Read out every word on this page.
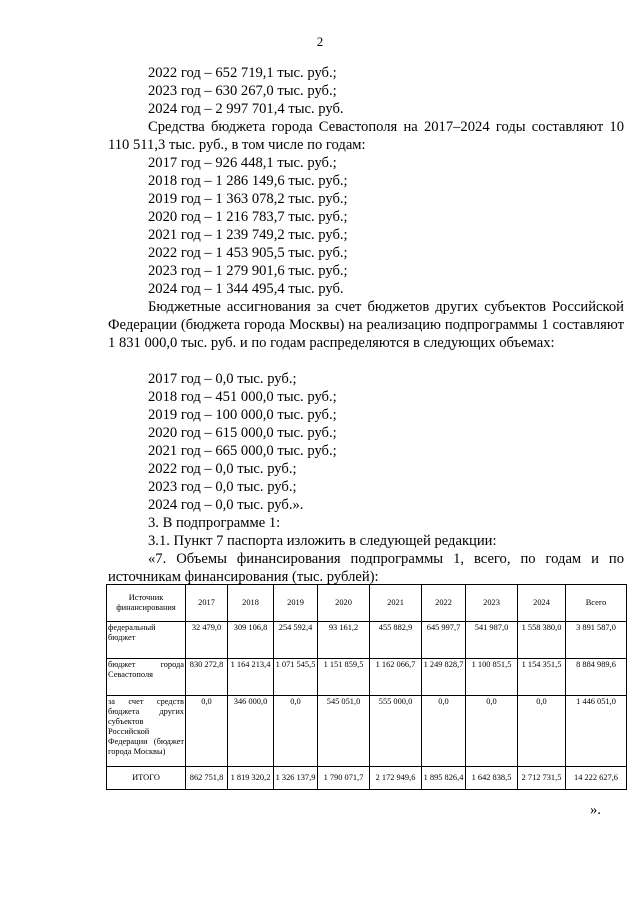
2
2022 год – 652 719,1 тыс. руб.;
2023 год – 630 267,0 тыс. руб.;
2024 год – 2 997 701,4 тыс. руб.
Средства бюджета города Севастополя на 2017–2024 годы составляют 10 110 511,3 тыс. руб., в том числе по годам:
2017 год – 926 448,1 тыс. руб.;
2018 год – 1 286 149,6 тыс. руб.;
2019 год – 1 363 078,2 тыс. руб.;
2020 год – 1 216 783,7 тыс. руб.;
2021 год – 1 239 749,2 тыс. руб.;
2022 год – 1 453 905,5 тыс. руб.;
2023 год – 1 279 901,6 тыс. руб.;
2024 год – 1 344 495,4 тыс. руб.
Бюджетные ассигнования за счет бюджетов других субъектов Российской Федерации (бюджета города Москвы) на реализацию подпрограммы 1 составляют 1 831 000,0 тыс. руб. и по годам распределяются в следующих объемах:
2017 год – 0,0 тыс. руб.;
2018 год – 451 000,0 тыс. руб.;
2019 год – 100 000,0 тыс. руб.;
2020 год – 615 000,0 тыс. руб.;
2021 год – 665 000,0 тыс. руб.;
2022 год – 0,0 тыс. руб.;
2023 год – 0,0 тыс. руб.;
2024 год – 0,0 тыс. руб.».
3. В подпрограмме 1:
3.1. Пункт 7 паспорта изложить в следующей редакции:
«7. Объемы финансирования подпрограммы 1, всего, по годам и по источникам финансирования (тыс. рублей):
Источник финансирования	2017	2018	2019	2020	2021	2022	2023	2024	Всего
федеральный бюджет	32 479,0	309 106,8	254 592,4	93 161,2	455 882,9	645 997,7	541 987,0	1 558 380,0	3 891 587,0
бюджет города Севастополя	830 272,8	1 164 213,4	1 071 545,5	1 151 859,5	1 162 066,7	1 249 828,7	1 100 851,5	1 154 351,5	8 884 989,6
за счет средств бюджета других субъектов Российской Федерации (бюджет города Москвы)	0,0	346 000,0	0,0	545 051,0	555 000,0	0,0	0,0	0,0	1 446 051,0
ИТОГО	862 751,8	1 819 320,2	1 326 137,9	1 790 071,7	2 172 949,6	1 895 826,4	1 642 838,5	2 712 731,5	14 222 627,6
».
